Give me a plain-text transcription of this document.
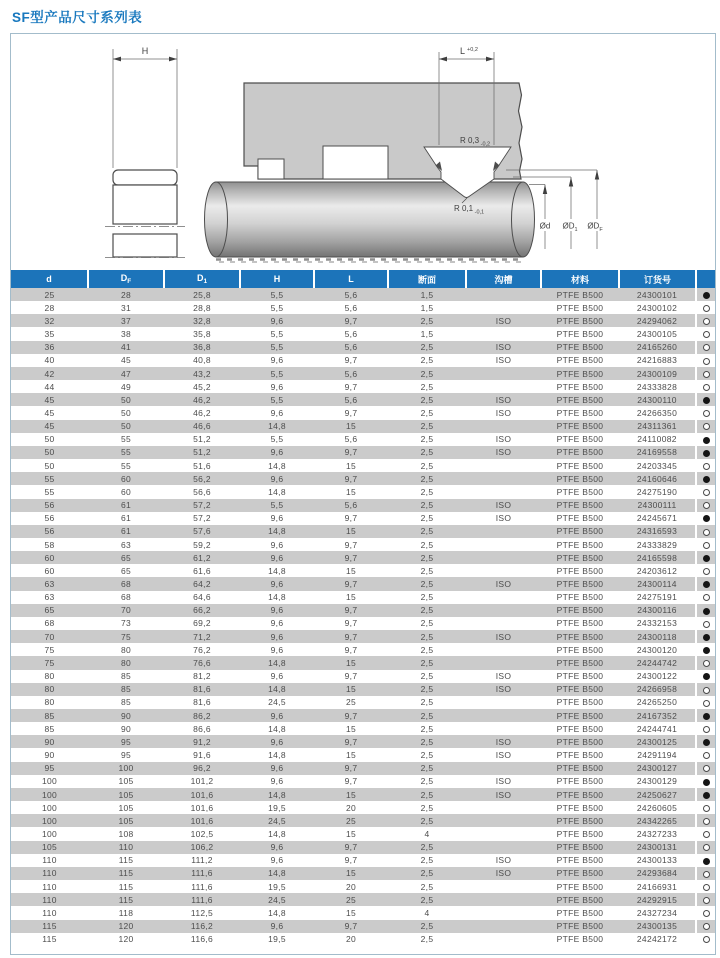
SF型产品尺寸系列表
H	L $^{+0,2}$
R 0,3 $_{-0,2}$
R 0,1 $_{-0,1}$
Ød $ØD_1$ $ØD_F$
d	$D_F$	$D_1$	H	L	断面	沟槽	材料	订货号	
25	28	25,8	5,5	5,6	1,5		PTFE B500	24300101	
28	31	28,8	5,5	5,6	1,5		PTFE B500	24300102	
32	37	32,8	9,6	9,7	2,5	ISO	PTFE B500	24294062	
35	38	35,8	5,5	5,6	1,5		PTFE B500	24300105	
36	41	36,8	5,5	5,6	2,5	ISO	PTFE B500	24165260	
40	45	40,8	9,6	9,7	2,5	ISO	PTFE B500	24216883	
42	47	43,2	5,5	5,6	2,5		PTFE B500	24300109	
44	49	45,2	9,6	9,7	2,5		PTFE B500	24333828	
45	50	46,2	5,5	5,6	2,5	ISO	PTFE B500	24300110	
45	50	46,2	9,6	9,7	2,5	ISO	PTFE B500	24266350	
45	50	46,6	14,8	15	2,5		PTFE B500	24311361	
50	55	51,2	5,5	5,6	2,5	ISO	PTFE B500	24110082	
50	55	51,2	9,6	9,7	2,5	ISO	PTFE B500	24169558	
50	55	51,6	14,8	15	2,5		PTFE B500	24203345	
55	60	56,2	9,6	9,7	2,5		PTFE B500	24160646	
55	60	56,6	14,8	15	2,5		PTFE B500	24275190	
56	61	57,2	5,5	5,6	2,5	ISO	PTFE B500	24300111	
56	61	57,2	9,6	9,7	2,5	ISO	PTFE B500	24245671	
56	61	57,6	14,8	15	2,5		PTFE B500	24316593	
58	63	59,2	9,6	9,7	2,5		PTFE B500	24333829	
60	65	61,2	9,6	9,7	2,5		PTFE B500	24165598	
60	65	61,6	14,8	15	2,5		PTFE B500	24203612	
63	68	64,2	9,6	9,7	2,5	ISO	PTFE B500	24300114	
63	68	64,6	14,8	15	2,5		PTFE B500	24275191	
65	70	66,2	9,6	9,7	2,5		PTFE B500	24300116	
68	73	69,2	9,6	9,7	2,5		PTFE B500	24332153	
70	75	71,2	9,6	9,7	2,5	ISO	PTFE B500	24300118	
75	80	76,2	9,6	9,7	2,5		PTFE B500	24300120	
75	80	76,6	14,8	15	2,5		PTFE B500	24244742	
80	85	81,2	9,6	9,7	2,5	ISO	PTFE B500	24300122	
80	85	81,6	14,8	15	2,5	ISO	PTFE B500	24266958	
80	85	81,6	24,5	25	2,5		PTFE B500	24265250	
85	90	86,2	9,6	9,7	2,5		PTFE B500	24167352	
85	90	86,6	14,8	15	2,5		PTFE B500	24244741	
90	95	91,2	9,6	9,7	2,5	ISO	PTFE B500	24300125	
90	95	91,6	14,8	15	2,5	ISO	PTFE B500	24291194	
95	100	96,2	9,6	9,7	2,5		PTFE B500	24300127	
100	105	101,2	9,6	9,7	2,5	ISO	PTFE B500	24300129	
100	105	101,6	14,8	15	2,5	ISO	PTFE B500	24250627	
100	105	101,6	19,5	20	2,5		PTFE B500	24260605	
100	105	101,6	24,5	25	2,5		PTFE B500	24342265	
100	108	102,5	14,8	15	4		PTFE B500	24327233	
105	110	106,2	9,6	9,7	2,5		PTFE B500	24300131	
110	115	111,2	9,6	9,7	2,5	ISO	PTFE B500	24300133	
110	115	111,6	14,8	15	2,5	ISO	PTFE B500	24293684	
110	115	111,6	19,5	20	2,5		PTFE B500	24166931	
110	115	111,6	24,5	25	2,5		PTFE B500	24292915	
110	118	112,5	14,8	15	4		PTFE B500	24327234	
115	120	116,2	9,6	9,7	2,5		PTFE B500	24300135	
115	120	116,6	19,5	20	2,5		PTFE B500	24242172	
